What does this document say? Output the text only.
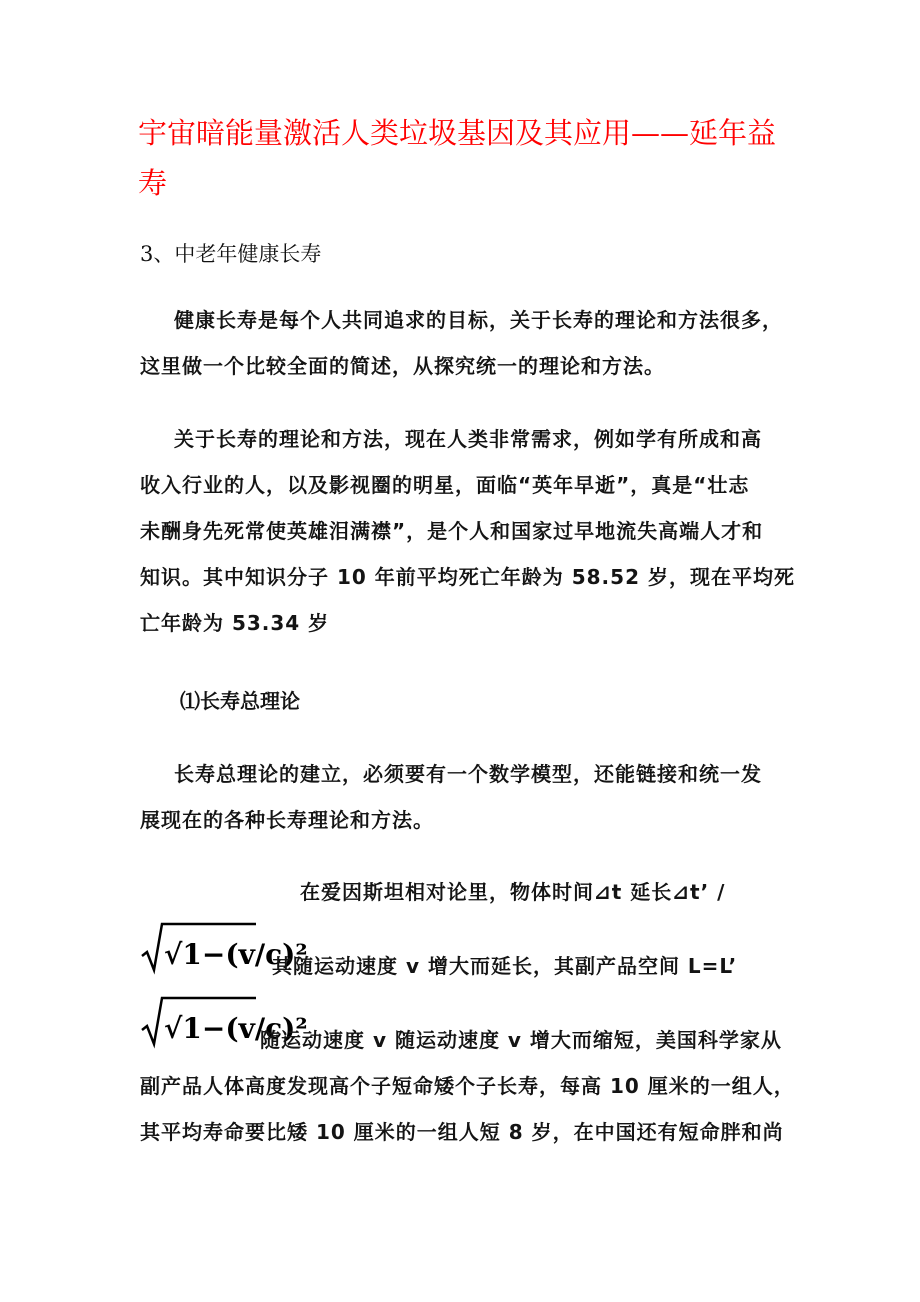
宇宙暗能量激活人类垃圾基因及其应用——延年益寿
3、中老年健康长寿
健康长寿是每个人共同追求的目标，关于长寿的理论和方法很多，
这里做一个比较全面的简述，从探究统一的理论和方法。
关于长寿的理论和方法，现在人类非常需求，例如学有所成和高
收入行业的人，以及影视圈的明星，面临“英年早逝”，真是“壮志
未酬身先死常使英雄泪满襟”，是个人和国家过早地流失高端人才和
知识。其中知识分子 10 年前平均死亡年龄为 58.52 岁，现在平均死
亡年龄为 53.34 岁
⑴长寿总理论
长寿总理论的建立，必须要有一个数学模型，还能链接和统一发
展现在的各种长寿理论和方法。
在爱因斯坦相对论里，物体时间⊿t 延长⊿t’ /
√1−(v/c)²
其随运动速度 v 增大而延长，其副产品空间 L=L’
√1−(v/c)²
随运动速度 v 随运动速度 v 增大而缩短，美国科学家从
副产品人体高度发现高个子短命矮个子长寿，每高 10 厘米的一组人，
其平均寿命要比矮 10 厘米的一组人短 8 岁，在中国还有短命胖和尚
